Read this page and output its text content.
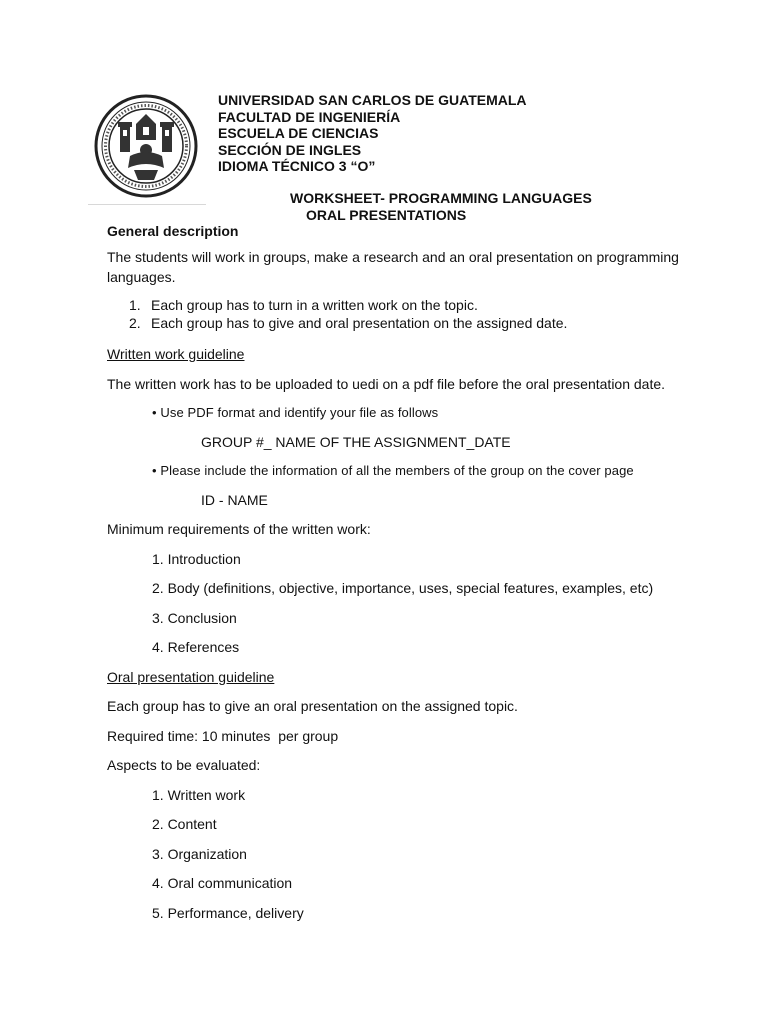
UNIVERSIDAD SAN CARLOS DE GUATEMALA
FACULTAD DE INGENIERÍA
ESCUELA DE CIENCIAS
SECCIÓN DE INGLES
IDIOMA TÉCNICO 3 “O”
WORKSHEET- PROGRAMMING LANGUAGES
ORAL PRESENTATIONS
General description

The students will work in groups, make a research and an oral presentation on programming languages.

1. Each group has to turn in a written work on the topic.
2. Each group has to give and oral presentation on the assigned date.

Written work guideline

The written work has to be uploaded to uedi on a pdf file before the oral presentation date.

• Use PDF format and identify your file as follows

GROUP #_ NAME OF THE ASSIGNMENT_DATE

• Please include the information of all the members of the group on the cover page

ID - NAME

Minimum requirements of the written work:

1. Introduction

2. Body (definitions, objective, importance, uses, special features, examples, etc)

3. Conclusion

4. References

Oral presentation guideline

Each group has to give an oral presentation on the assigned topic.

Required time: 10 minutes  per group

Aspects to be evaluated:

1. Written work

2. Content

3. Organization

4. Oral communication

5. Performance, delivery
